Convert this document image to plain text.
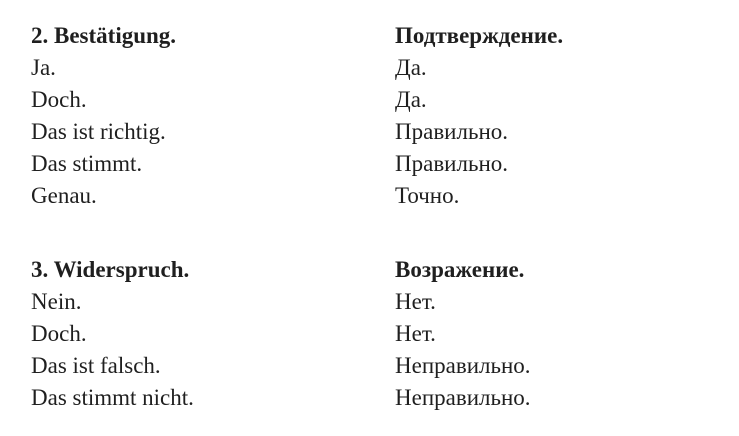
2. Bestätigung.	Подтверждение.
Ja.	Да.
Doch.	Да.
Das ist richtig.	Правильно.
Das stimmt.	Правильно.
Genau.	Точно.
3. Widerspruch.	Возражение.
Nein.	Нет.
Doch.	Нет.
Das ist falsch.	Неправильно.
Das stimmt nicht.	Неправильно.
